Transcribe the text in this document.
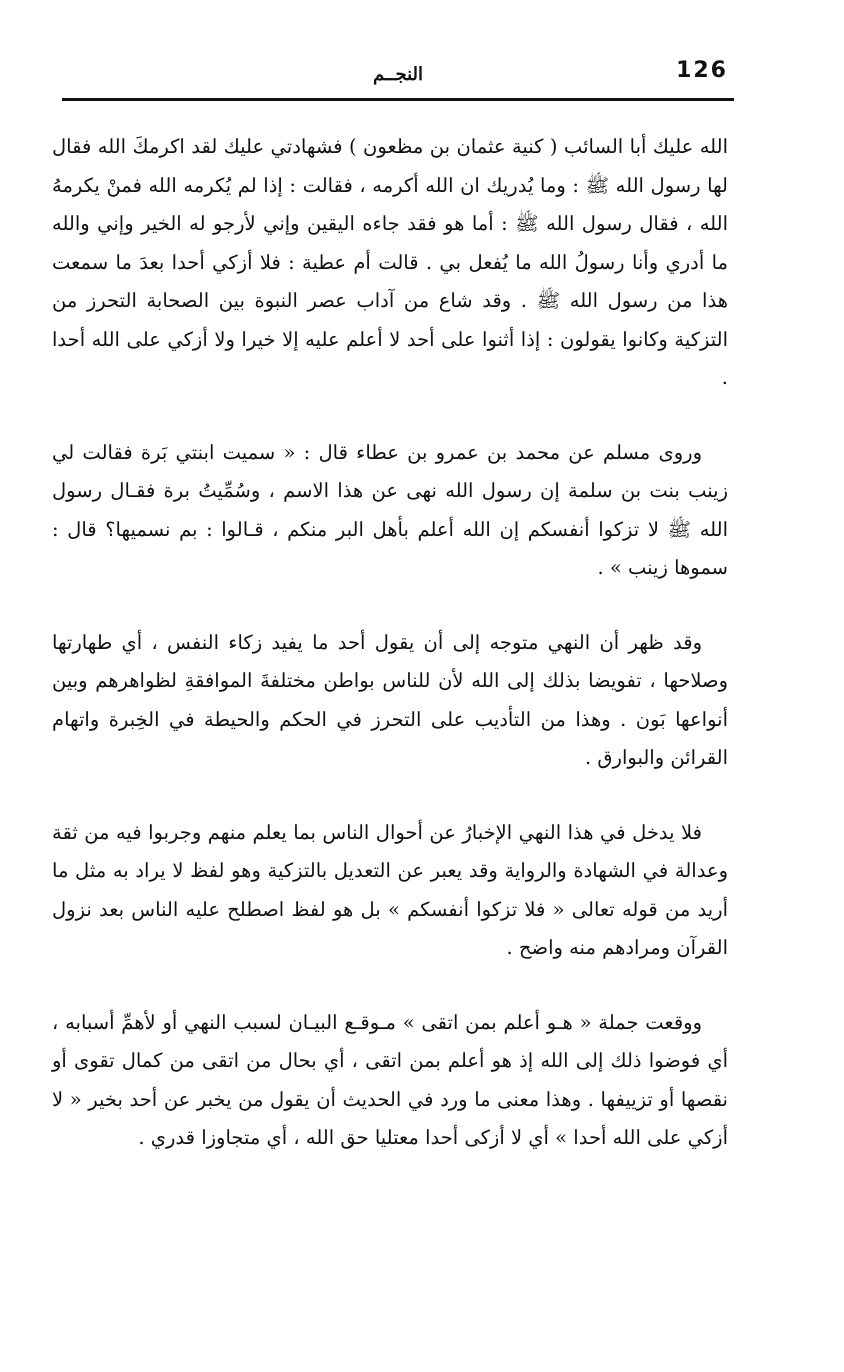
126
النجــم

الله عليك أبا السائب ( كنية عثمان بن مظعون ) فشهادتي عليك لقد اكرمكَ الله فقال لها رسول الله ﷺ : وما يُدريك ان الله أكرمه ، فقالت : إذا لم يُكرمه الله فمنْ يكرمهُ الله ، فقال رسول الله ﷺ : أما هو فقد جاءه اليقين وإني لأرجو له الخير وإني والله ما أدري وأنا رسولُ الله ما يُفعل بي . قالت أم عطية : فلا أزكي أحدا بعدَ ما سمعت هذا من رسول الله ﷺ . وقد شاع من آداب عصر النبوة بين الصحابة التحرز من التزكية وكانوا يقولون : إذا أثنوا على أحد لا أعلم عليه إلا خيرا ولا أزكي على الله أحدا .

وروى مسلم عن محمد بن عمرو بن عطاء قال : « سميت ابنتي بَرة فقالت لي زينب بنت بن سلمة إن رسول الله نهى عن هذا الاسم ، وسُمِّيتُ برة فقـال رسول الله ﷺ لا تزكوا أنفسكم إن الله أعلم بأهل البر منكم ، قـالوا : بم نسميها؟ قال : سموها زينب » .

وقد ظهر أن النهي متوجه إلى أن يقول أحد ما يفيد زكاء النفس ، أي طهارتها وصلاحها ، تفويضا بذلك إلى الله لأن للناس بواطن مختلفةَ الموافقةِ لظواهرهم وبين أنواعها بَون . وهذا من التأديب على التحرز في الحكم والحيطة في الخِبرة واتهام القرائن والبوارق .

فلا يدخل في هذا النهي الإخبارُ عن أحوال الناس بما يعلم منهم وجربوا فيه من ثقة وعدالة في الشهادة والرواية وقد يعبر عن التعديل بالتزكية وهو لفظ لا يراد به مثل ما أريد من قوله تعالى « فلا تزكوا أنفسكم » بل هو لفظ اصطلح عليه الناس بعد نزول القرآن ومرادهم منه واضح .

ووقعت جملة « هـو أعلم بمن اتقى » مـوقـع البيـان لسبب النهي أو لأهمِّ أسبابه ، أي فوضوا ذلك إلى الله إذ هو أعلم بمن اتقى ، أي بحال من اتقى من كمال تقوى أو نقصها أو تزييفها . وهذا معنى ما ورد في الحديث أن يقول من يخبر عن أحد بخير « لا أزكي على الله أحدا » أي لا أزكى أحدا معتليا حق الله ، أي متجاوزا قدري .
